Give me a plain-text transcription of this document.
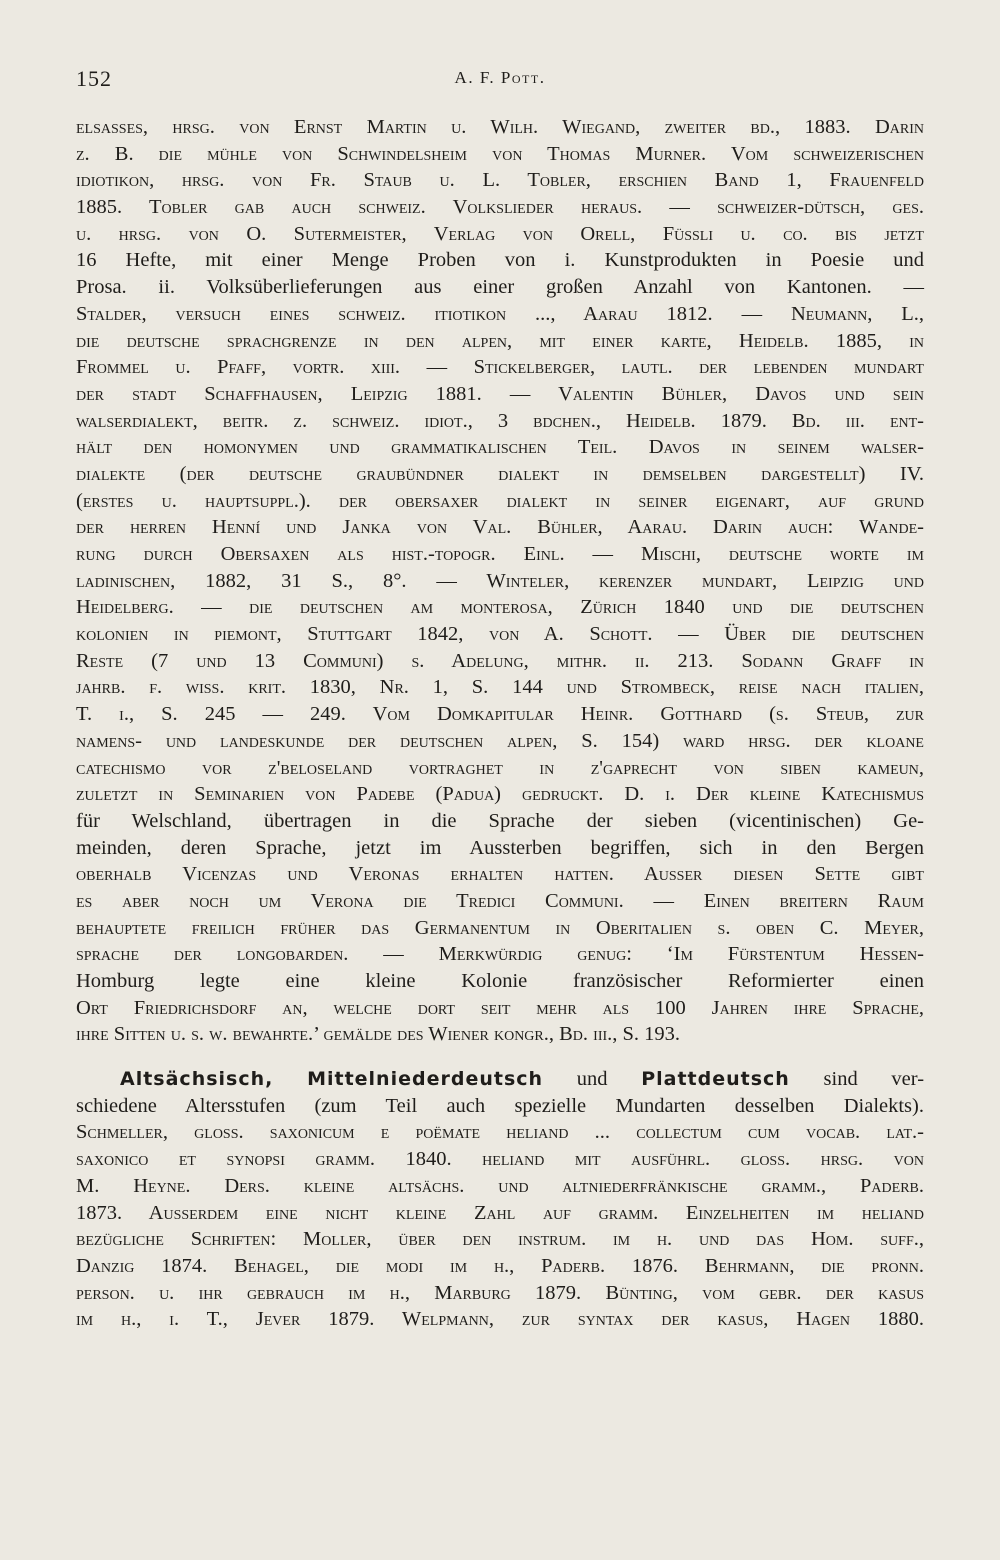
152	A. F. Pott.
elsasses, hrsg. von Ernst Martin u. Wilh. Wiegand, zweiter bd., 1883. Darin
z. B. die mühle von Schwindelsheim von Thomas Murner. Vom schweizerischen
idiotikon, hrsg. von Fr. Staub u. L. Tobler, erschien Band 1, Frauenfeld
1885. Tobler gab auch schweiz. Volkslieder heraus. — schweizer-dütsch, ges.
u. hrsg. von O. Sutermeister, Verlag von Orell, Füssli u. co. bis jetzt
16 Hefte, mit einer Menge Proben von i. Kunstprodukten in Poesie und
Prosa. ii. Volksüberlieferungen aus einer großen Anzahl von Kantonen. —
Stalder, versuch eines schweiz. itiotikon ..., Aarau 1812. — Neumann, L.,
die deutsche sprachgrenze in den alpen, mit einer karte, Heidelb. 1885, in
Frommel u. Pfaff, vortr. xiii. — Stickelberger, lautl. der lebenden mundart
der stadt Schaffhausen, Leipzig 1881. — Valentin Bühler, Davos und sein
walserdialekt, beitr. z. schweiz. idiot., 3 bdchen., Heidelb. 1879. Bd. iii. ent-
hält den homonymen und grammatikalischen Teil. Davos in seinem walser-
dialekte (der deutsche graubündner dialekt in demselben dargestellt) IV.
(erstes u. hauptsuppl.). der obersaxer dialekt in seiner eigenart, auf grund
der herren Henní und Janka von Val. Bühler, Aarau. Darin auch: Wande-
rung durch Obersaxen als hist.-topogr. Einl. — Mischi, deutsche worte im
ladinischen, 1882, 31 S., 8°. — Winteler, kerenzer mundart, Leipzig und
Heidelberg. — die deutschen am monterosa, Zürich 1840 und die deutschen
kolonien in piemont, Stuttgart 1842, von A. Schott. — Über die deutschen
Reste (7 und 13 Communi) s. Adelung, mithr. ii. 213. Sodann Graff in
jahrb. f. wiss. krit. 1830, Nr. 1, S. 144 und Strombeck, reise nach italien,
T. i., S. 245 — 249. Vom Domkapitular Heinr. Gotthard (s. Steub, zur
namens- und landeskunde der deutschen alpen, S. 154) ward hrsg. der kloane
catechismo vor z'beloseland vortraghet in z'gaprecht von siben kameun,
zuletzt in Seminarien von Padebe (Padua) gedruckt. D. i. Der kleine Katechismus
für Welschland, übertragen in die Sprache der sieben (vicentinischen) Ge-
meinden, deren Sprache, jetzt im Aussterben begriffen, sich in den Bergen
oberhalb Vicenzas und Veronas erhalten hatten. Außer diesen Sette gibt
es aber noch um Verona die Tredici Communi. — Einen breitern Raum
behauptete freilich früher das Germanentum in Oberitalien s. oben C. Meyer,
sprache der longobarden. — Merkwürdig genug: ‘Im Fürstentum Hessen-
Homburg legte eine kleine Kolonie französischer Reformierter einen
Ort Friedrichsdorf an, welche dort seit mehr als 100 Jahren ihre Sprache,
ihre Sitten u. s. w. bewahrte.’ gemälde des Wiener kongr., Bd. iii., S. 193.
Altsächsisch, Mittelniederdeutsch und Plattdeutsch sind ver-
schiedene Altersstufen (zum Teil auch spezielle Mundarten desselben Dialekts).
Schmeller, gloss. saxonicum e poëmate heliand ... collectum cum vocab. lat.-
saxonico et synopsi gramm. 1840. heliand mit ausführl. gloss. hrsg. von
M. Heyne. Ders. kleine altsächs. und altniederfränkische gramm., Paderb.
1873. Außerdem eine nicht kleine Zahl auf gramm. Einzelheiten im heliand
bezügliche Schriften: Moller, über den instrum. im h. und das Hom. suff.,
Danzig 1874. Behagel, die modi im h., Paderb. 1876. Behrmann, die pronn.
person. u. ihr gebrauch im h., Marburg 1879. Bünting, vom gebr. der kasus
im h., i. T., Jever 1879. Welpmann, zur syntax der kasus, Hagen 1880.
